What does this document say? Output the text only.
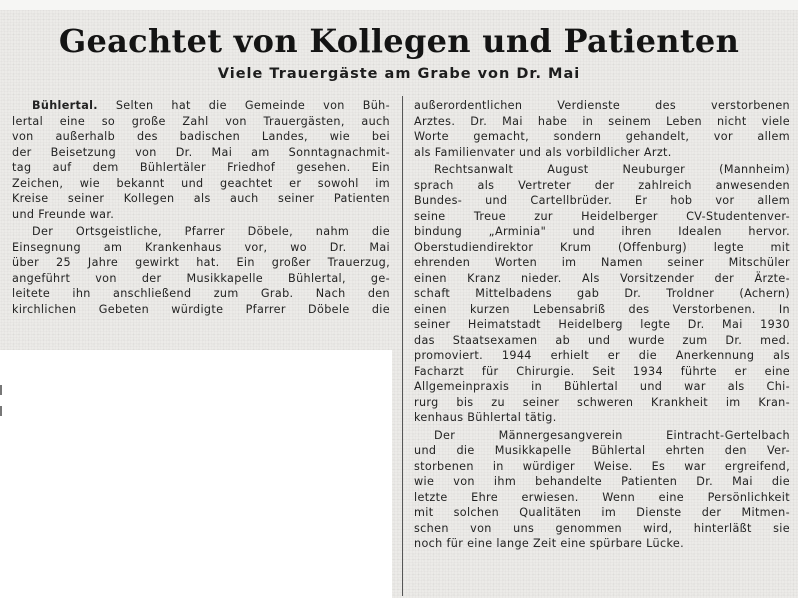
Geachtet von Kollegen und Patienten
Viele Trauergäste am Grabe von Dr. Mai

Bühlertal. Selten hat die Gemeinde von Büh-
lertal eine so große Zahl von Trauergästen, auch
von außerhalb des badischen Landes, wie bei
der Beisetzung von Dr. Mai am Sonntagnachmit-
tag auf dem Bühlertäler Friedhof gesehen. Ein
Zeichen, wie bekannt und geachtet er sowohl im
Kreise seiner Kollegen als auch seiner Patienten
und Freunde war.

Der Ortsgeistliche, Pfarrer Döbele, nahm die
Einsegnung am Krankenhaus vor, wo Dr. Mai
über 25 Jahre gewirkt hat. Ein großer Trauerzug,
angeführt von der Musikkapelle Bühlertal, ge-
leitete ihn anschließend zum Grab. Nach den
kirchlichen Gebeten würdigte Pfarrer Döbele die

außerordentlichen Verdienste des verstorbenen
Arztes. Dr. Mai habe in seinem Leben nicht viele
Worte gemacht, sondern gehandelt, vor allem
als Familienvater und als vorbildlicher Arzt.

Rechtsanwalt August Neuburger (Mannheim)
sprach als Vertreter der zahlreich anwesenden
Bundes- und Cartellbrüder. Er hob vor allem
seine Treue zur Heidelberger CV-Studentenver-
bindung „Arminia" und ihren Idealen hervor.
Oberstudiendirektor Krum (Offenburg) legte mit
ehrenden Worten im Namen seiner Mitschüler
einen Kranz nieder. Als Vorsitzender der Ärzte-
schaft Mittelbadens gab Dr. Troldner (Achern)
einen kurzen Lebensabriß des Verstorbenen. In
seiner Heimatstadt Heidelberg legte Dr. Mai 1930
das Staatsexamen ab und wurde zum Dr. med.
promoviert. 1944 erhielt er die Anerkennung als
Facharzt für Chirurgie. Seit 1934 führte er eine
Allgemeinpraxis in Bühlertal und war als Chi-
rurg bis zu seiner schweren Krankheit im Kran-
kenhaus Bühlertal tätig.

Der Männergesangverein Eintracht-Gertelbach
und die Musikkapelle Bühlertal ehrten den Ver-
storbenen in würdiger Weise. Es war ergreifend,
wie von ihm behandelte Patienten Dr. Mai die
letzte Ehre erwiesen. Wenn eine Persönlichkeit
mit solchen Qualitäten im Dienste der Mitmen-
schen von uns genommen wird, hinterläßt sie
noch für eine lange Zeit eine spürbare Lücke.
